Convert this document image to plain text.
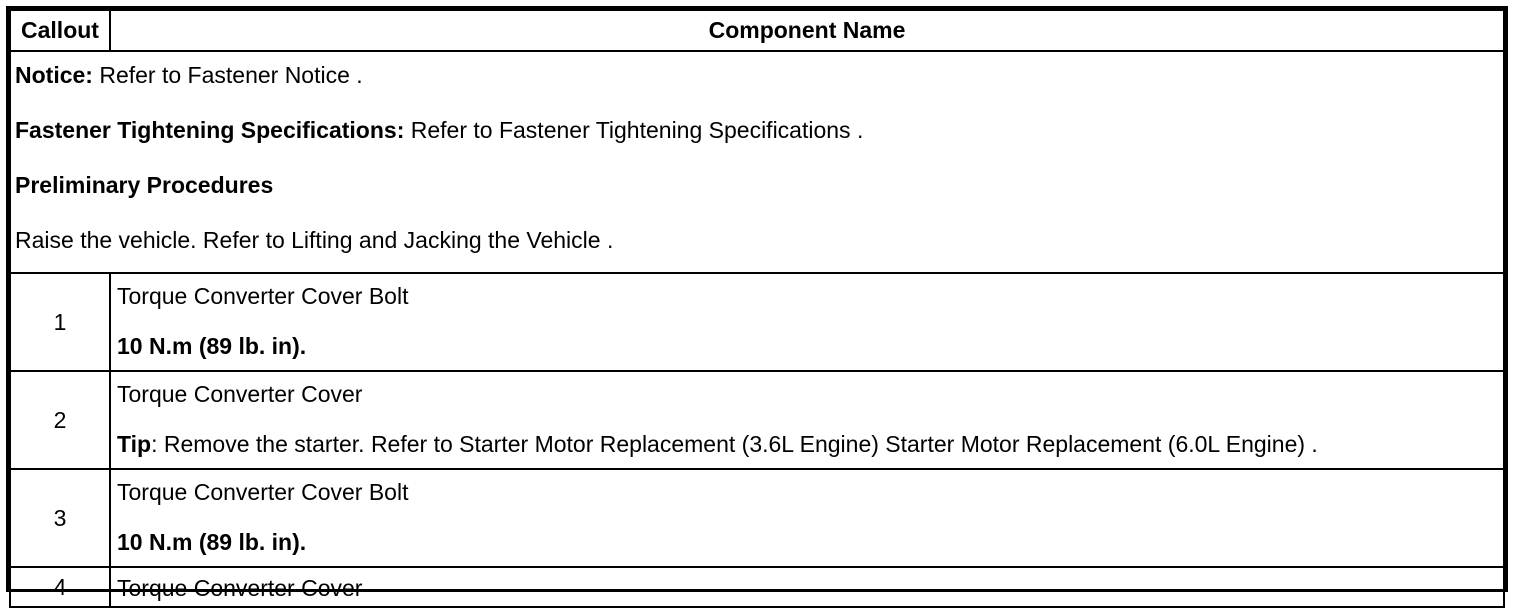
Callout	Component Name

Notice: Refer to Fastener Notice .

Fastener Tightening Specifications: Refer to Fastener Tightening Specifications .

Preliminary Procedures

Raise the vehicle. Refer to Lifting and Jacking the Vehicle .	

1	Torque Converter Cover Bolt
10 N.m (89 lb. in).

2	Torque Converter Cover
Tip: Remove the starter. Refer to Starter Motor Replacement (3.6L Engine) Starter Motor Replacement (6.0L Engine) .

3	Torque Converter Cover Bolt
10 N.m (89 lb. in).

4	Torque Converter Cover
